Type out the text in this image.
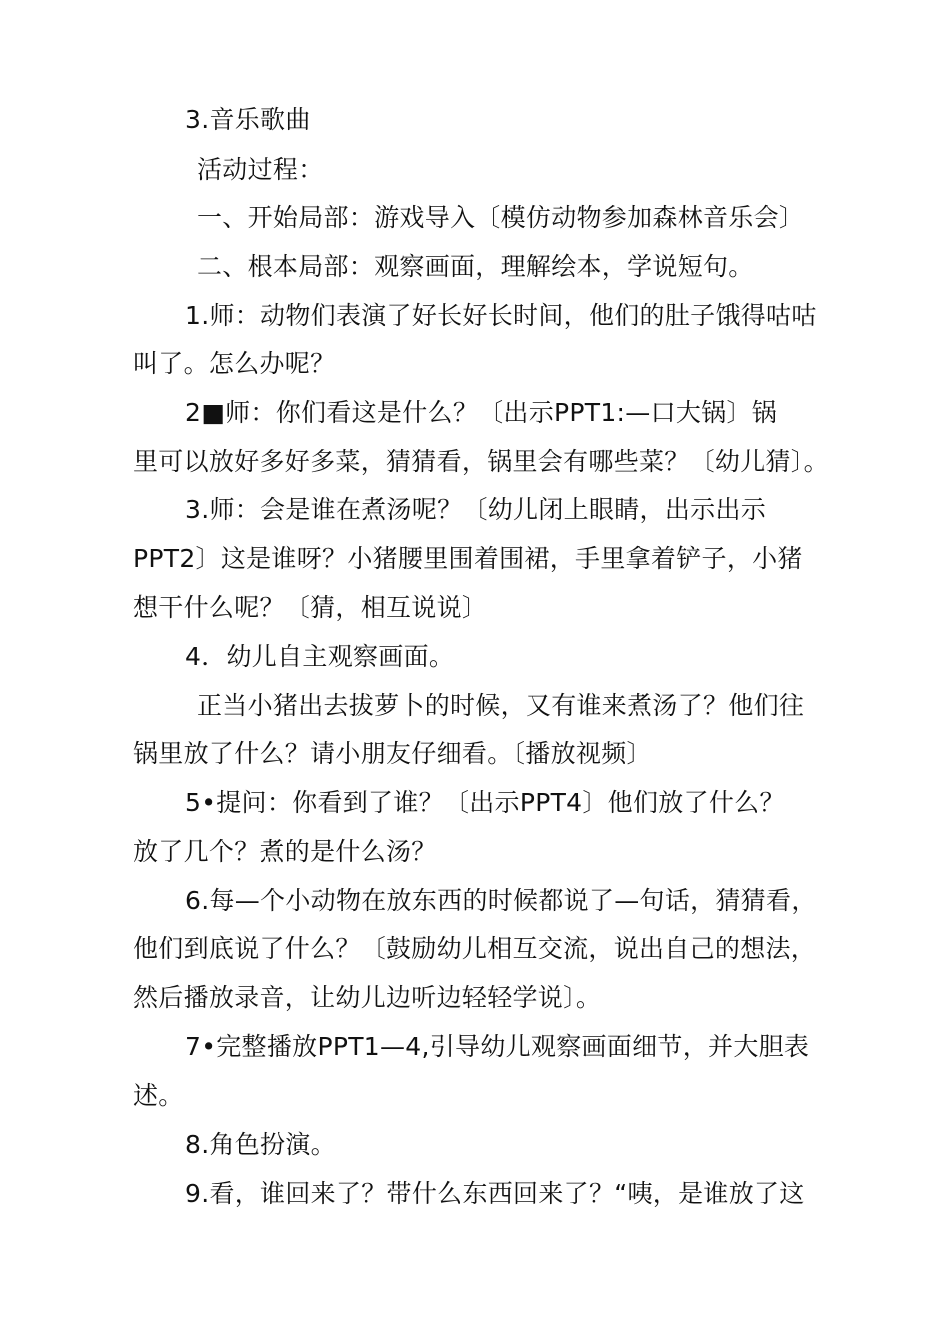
3.音乐歌曲
活动过程：
一、开始局部：游戏导入〔模仿动物参加森林音乐会〕
二、根本局部：观察画面，理解绘本，学说短句。
1.师：动物们表演了好长好长时间，他们的肚子饿得咕咕
叫了。怎么办呢？
2■师：你们看这是什么？〔出示PPT1:—口大锅〕锅
里可以放好多好多菜，猜猜看，锅里会有哪些菜？〔幼儿猜〕。
3.师：会是谁在煮汤呢？〔幼儿闭上眼睛，出示出示
PPT2〕这是谁呀？小猪腰里围着围裙，手里拿着铲子，小猪
想干什么呢？〔猜，相互说说〕
4．幼儿自主观察画面。
正当小猪出去拔萝卜的时候，又有谁来煮汤了？他们往
锅里放了什么？请小朋友仔细看。〔播放视频〕
5•提问：你看到了谁？〔出示PPT4〕他们放了什么？
放了几个？煮的是什么汤？
6.每—个小动物在放东西的时候都说了—句话，猜猜看，
他们到底说了什么？〔鼓励幼儿相互交流，说出自己的想法，
然后播放录音，让幼儿边听边轻轻学说〕。
7•完整播放PPT1—4,引导幼儿观察画面细节，并大胆表
述。
8.角色扮演。
9.看，谁回来了？带什么东西回来了？“咦，是谁放了这
